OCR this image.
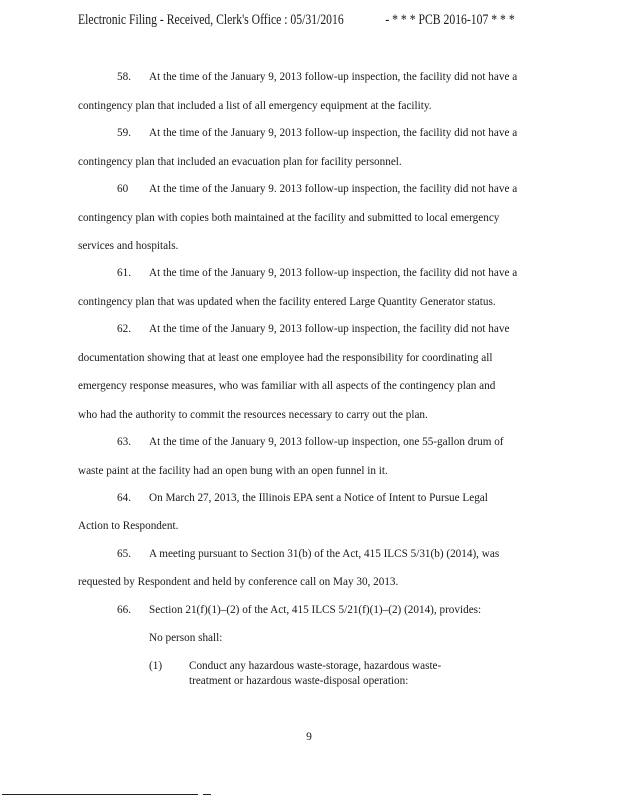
Electronic Filing - Received, Clerk's Office : 05/31/2016	- * * * PCB 2016-107 * * *
58. At the time of the January 9, 2013 follow-up inspection, the facility did not have a
contingency plan that included a list of all emergency equipment at the facility.
59. At the time of the January 9, 2013 follow-up inspection, the facility did not have a
contingency plan that included an evacuation plan for facility personnel.
60 At the time of the January 9. 2013 follow-up inspection, the facility did not have a
contingency plan with copies both maintained at the facility and submitted to local emergency
services and hospitals.
61. At the time of the January 9, 2013 follow-up inspection, the facility did not have a
contingency plan that was updated when the facility entered Large Quantity Generator status.
62. At the time of the January 9, 2013 follow-up inspection, the facility did not have
documentation showing that at least one employee had the responsibility for coordinating all
emergency response measures, who was familiar with all aspects of the contingency plan and
who had the authority to commit the resources necessary to carry out the plan.
63. At the time of the January 9, 2013 follow-up inspection, one 55-gallon drum of
waste paint at the facility had an open bung with an open funnel in it.
64. On March 27, 2013, the Illinois EPA sent a Notice of Intent to Pursue Legal
Action to Respondent.
65. A meeting pursuant to Section 31(b) of the Act, 415 ILCS 5/31(b) (2014), was
requested by Respondent and held by conference call on May 30, 2013.
66. Section 21(f)(1)–(2) of the Act, 415 ILCS 5/21(f)(1)–(2) (2014), provides:
No person shall:
(1) Conduct any hazardous waste-storage, hazardous waste-
treatment or hazardous waste-disposal operation:
9
